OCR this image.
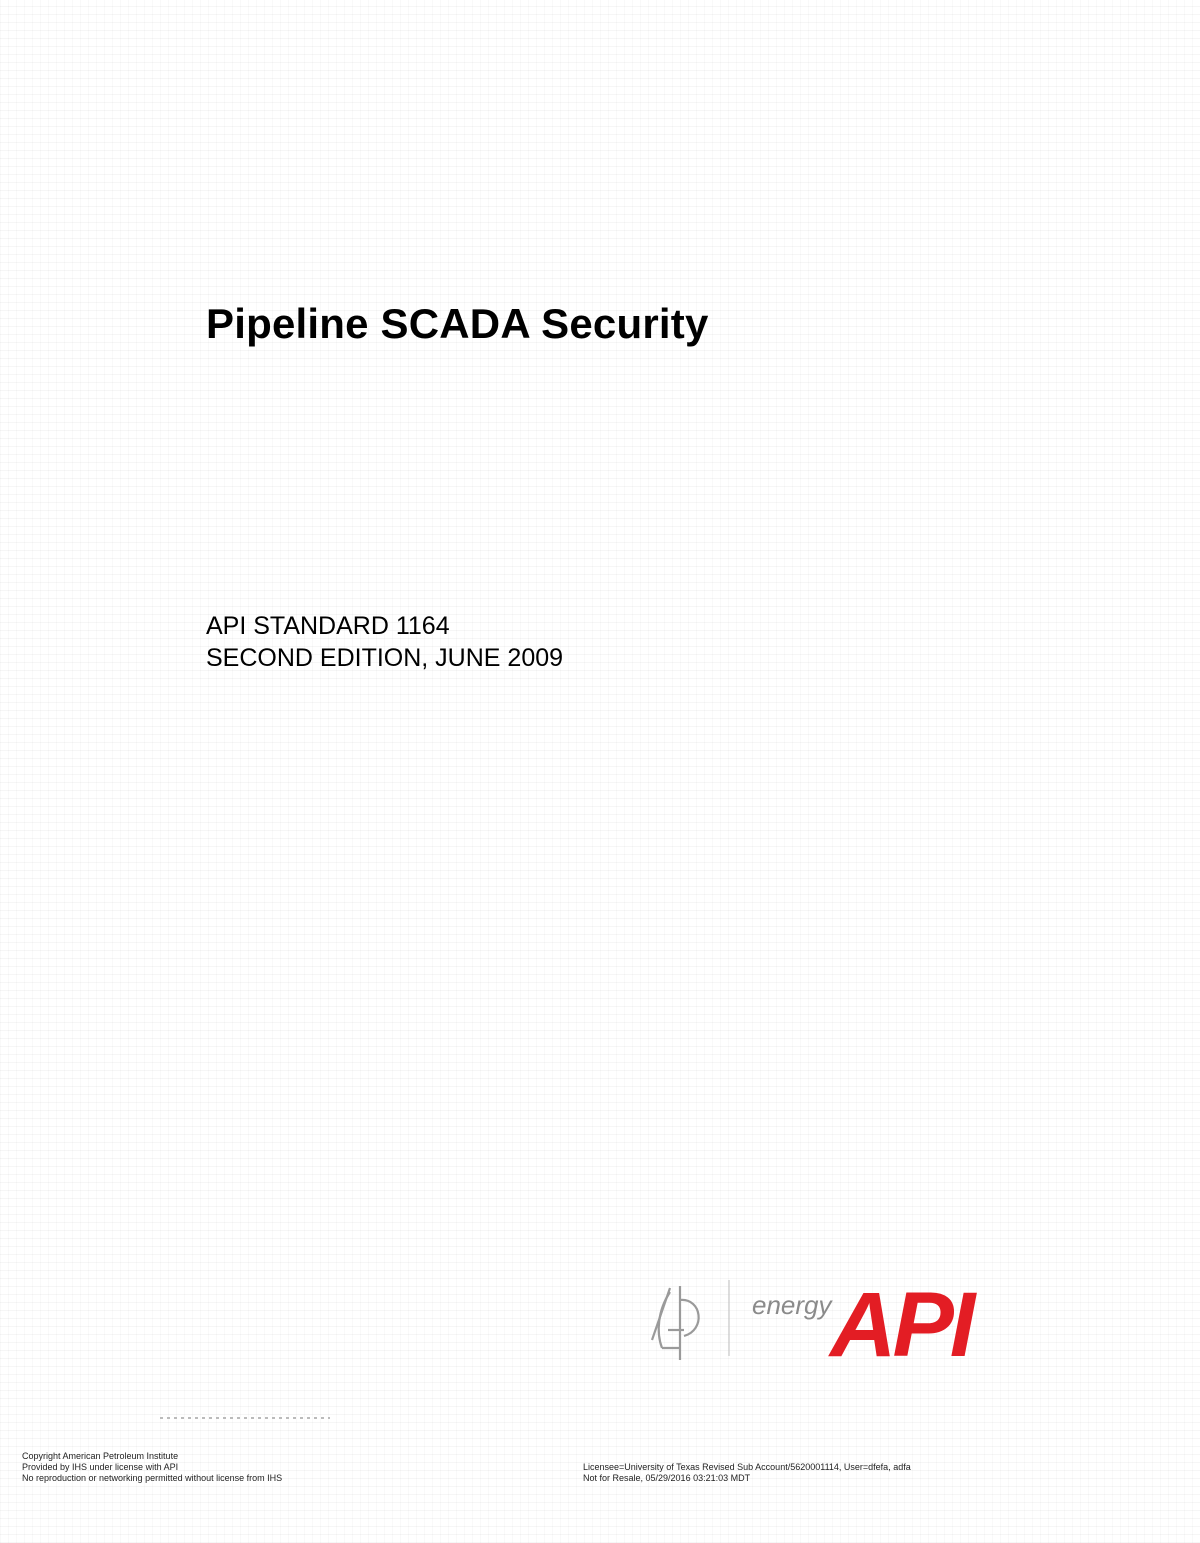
Pipeline SCADA Security
API STANDARD 1164
SECOND EDITION, JUNE 2009
energy
API
Copyright American Petroleum Institute
Provided by IHS under license with API
No reproduction or networking permitted without license from IHS
Licensee=University of Texas Revised Sub Account/5620001114, User=dfefa, adfa
Not for Resale, 05/29/2016 03:21:03 MDT
